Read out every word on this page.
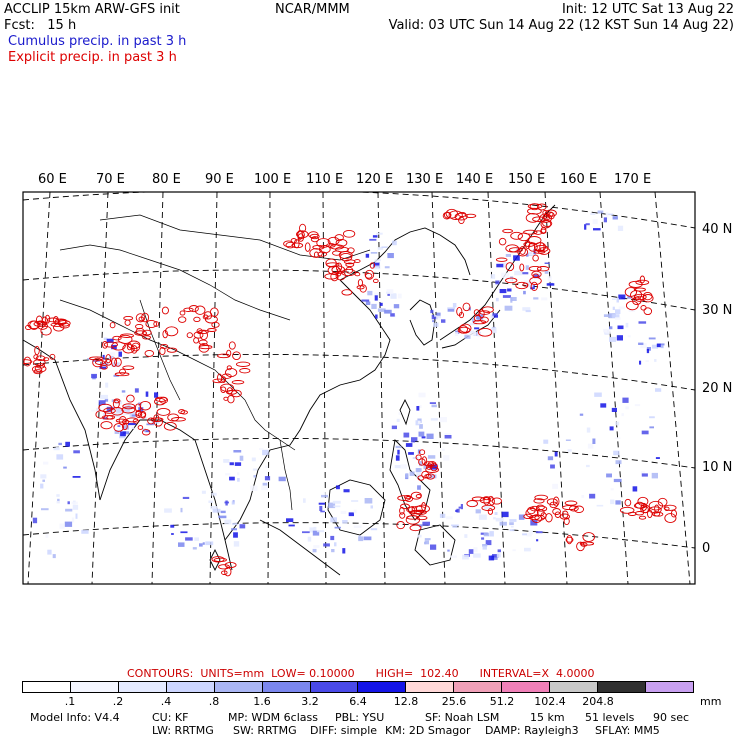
ACCLIP 15km ARW-GFS init
Fcst:   15 h
NCAR/MMM	Init: 12 UTC Sat 13 Aug 22
Valid: 03 UTC Sun 14 Aug 22 (12 KST Sun 14 Aug 22)
Cumulus precip. in past 3 h
Explicit precip. in past 3 h
60 E 70 E 80 E 90 E 100 E 110 E 120 E 130 E 140 E 150 E 160 E 170 E
40 N
30 N
20 N
10 N
0
CONTOURS:  UNITS=mm  LOW= 0.10000      HIGH=  102.40      INTERVAL=X  4.0000
.1	.2	.4	.8	1.6	3.2	6.4	12.8	25.6	51.2	102.4	204.8	mm
Model Info: V4.4	CU: KF	MP: WDM 6class PBL: YSU	SF: Noah LSM	15 km 51 levels 90 sec
LW: RRTMG SW: RRTMG DIFF: simple KM: 2D Smagor DAMP: Rayleigh3 SFLAY: MM5
